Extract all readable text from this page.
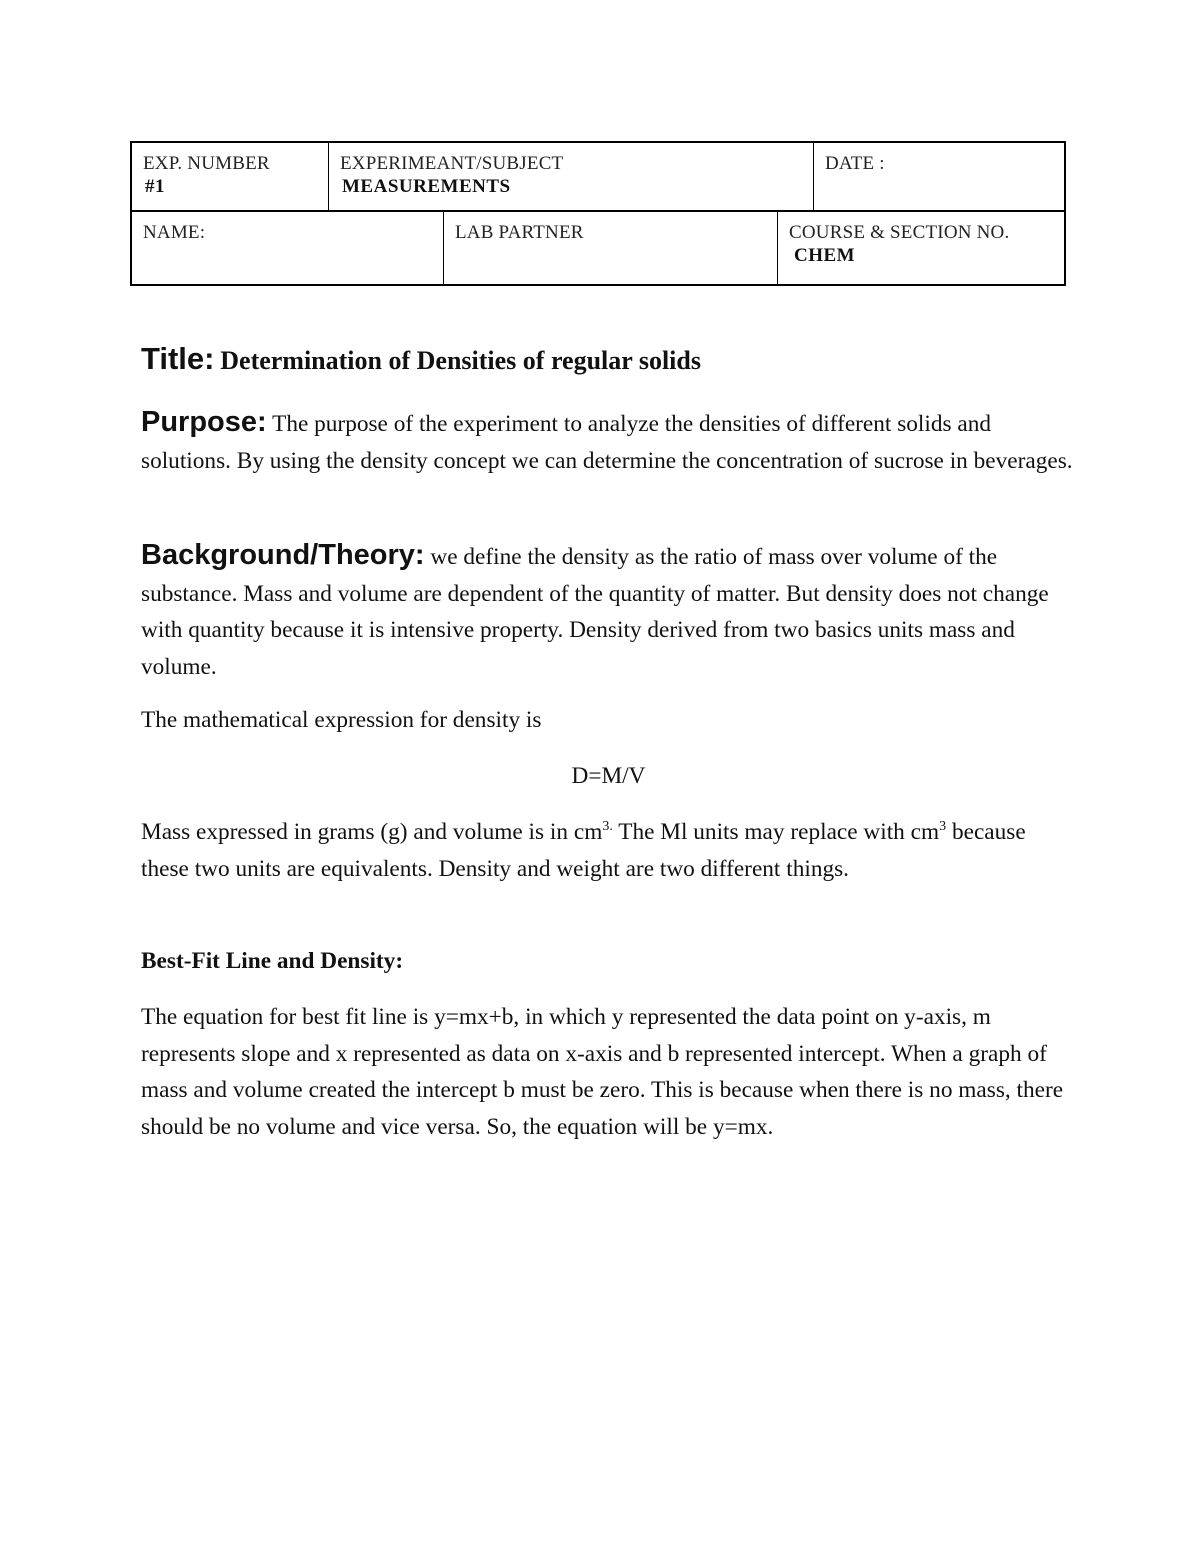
EXP. NUMBER
#1
EXPERIMEANT/SUBJECT
MEASUREMENTS
DATE :
NAME:	LAB PARTNER	COURSE & SECTION NO.
CHEM
Title: Determination of Densities of regular solids
Purpose: The purpose of the experiment to analyze the densities of different solids and solutions. By using the density concept we can determine the concentration of sucrose in beverages.
Background/Theory: we define the density as the ratio of mass over volume of the substance. Mass and volume are dependent of the quantity of matter. But density does not change with quantity because it is intensive property. Density derived from two basics units mass and volume.
The mathematical expression for density is
D=M/V
Mass expressed in grams (g) and volume is in $cm^{3.}$ The Ml units may replace with $cm^3$ because these two units are equivalents. Density and weight are two different things.
Best-Fit Line and Density:
The equation for best fit line is y=mx+b, in which y represented the data point on y-axis, m represents slope and x represented as data on x-axis and b represented intercept. When a graph of mass and volume created the intercept b must be zero. This is because when there is no mass, there should be no volume and vice versa. So, the equation will be y=mx.
